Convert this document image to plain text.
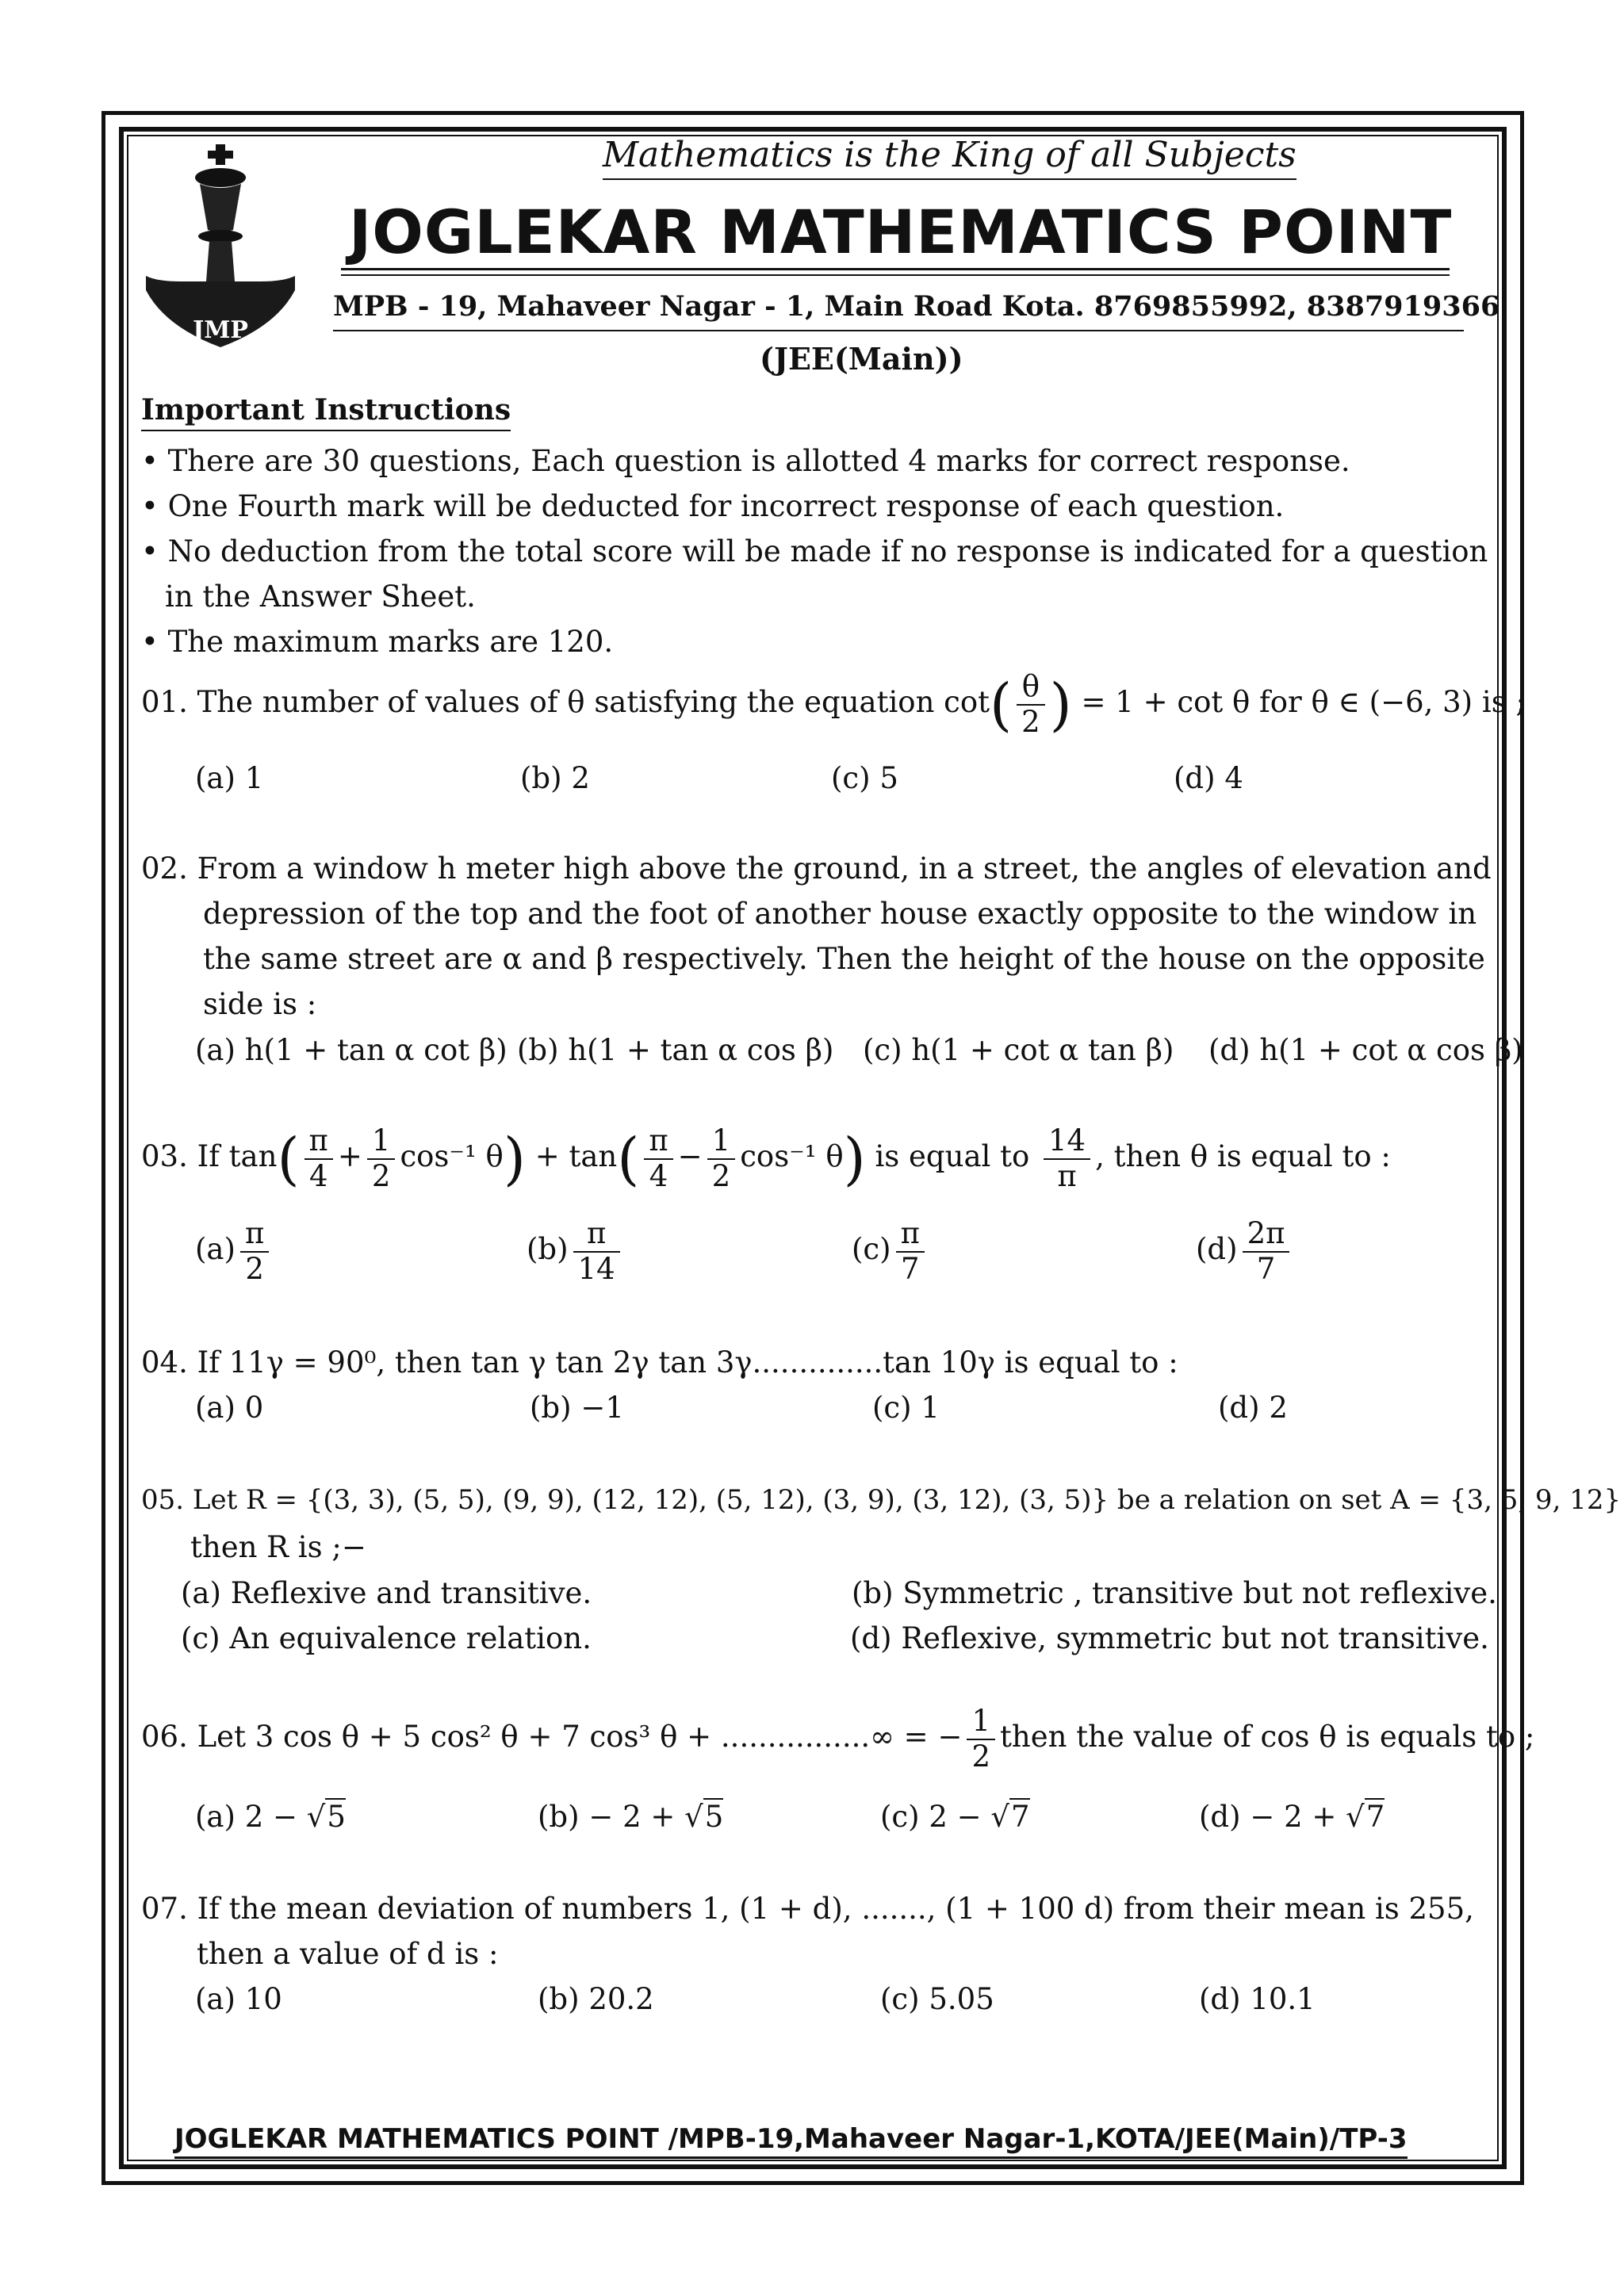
JMP
Mathematics is the King of all Subjects
JOGLEKAR MATHEMATICS POINT
MPB - 19, Mahaveer Nagar - 1, Main Road Kota. 8769855992, 8387919366
(JEE(Main))
Important Instructions
• There are 30 questions, Each question is allotted 4 marks for correct response.
• One Fourth mark will be deducted for incorrect response of each question.
• No deduction from the total score will be made if no response is indicated for a question
in the Answer Sheet.
• The maximum marks are 120.
01. The number of values of θ satisfying the equation $\cot( \frac{\theta}{2}$ ) = 1 + cot θ for θ ∈ (−6, 3) is ;
(a) 1	(b) 2	(c) 5	(d) 4
02. From a window h meter high above the ground, in a street, the angles of elevation and
depression of the top and the foot of another house exactly opposite to the window in
the same street are α and β respectively. Then the height of the house on the opposite
side is :
(a) h(1 + tan α cot β) (b) h(1 + tan α cos β) (c) h(1 + cot α tan β) (d) h(1 + cot α cos β)
03. If $\tan( \frac{\pi}{4} + \frac{1}{2} \cos^{-1}$ $\theta) + \tan( \frac{\pi}{4} - \frac{1}{2} \cos^{-1}$ θ) is equal to $\frac{14}{\pi}$ , then θ is equal to :
$(a) \frac{\pi}{2}$	$(b) \frac{\pi}{14}$	$(c) \frac{\pi}{7}$	$(d) \frac{2\pi}{7}$
04. If 11γ = 90⁰, then tan γ tan 2γ tan 3γ..............tan 10γ is equal to :
(a) 0	(b) −1	(c) 1	(d) 2
05. Let R = {(3, 3), (5, 5), (9, 9), (12, 12), (5, 12), (3, 9), (3, 12), (3, 5)} be a relation on set A = {3, 5, 9, 12}
then R is ;−
(a) Reflexive and transitive.	(b) Symmetric , transitive but not reflexive.
(c) An equivalence relation.	(d) Reflexive, symmetric but not transitive.
06. Let 3 cos θ + 5 cos² θ + 7 cos³ θ + ................∞ = − $\frac{1}{2}$ then the value of cos θ is equals to ;
(a) 2 − √5	(b) − 2 + √5	(c) 2 − √7	(d) − 2 + √7
07. If the mean deviation of numbers 1, (1 + d), ......., (1 + 100 d) from their mean is 255,
then a value of d is :
(a) 10	(b) 20.2	(c) 5.05	(d) 10.1
JOGLEKAR MATHEMATICS POINT /MPB-19,Mahaveer Nagar-1,KOTA/JEE(Main)/TP-3
